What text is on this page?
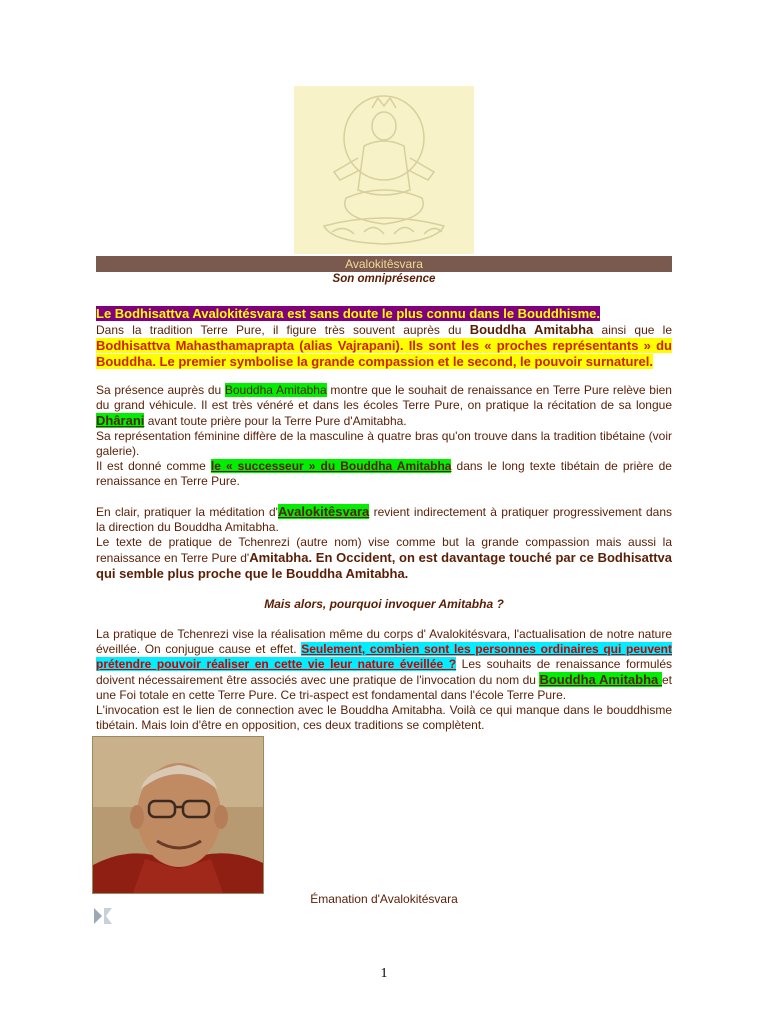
Avalokitêsvara
Son omniprésence

Le Bodhisattva Avalokitésvara est sans doute le plus connu dans le Bouddhisme.
Dans la tradition Terre Pure, il figure très souvent auprès du Bouddha Amitabha ainsi que le Bodhisattva Mahasthamaprapta (alias Vajrapani). Ils sont les « proches représentants » du Bouddha. Le premier symbolise la grande compassion et le second, le pouvoir surnaturel.

Sa présence auprès du Bouddha Amitabha montre que le souhait de renaissance en Terre Pure relève bien du grand véhicule. Il est très vénéré et dans les écoles Terre Pure, on pratique la récitation de sa longue Dhârani avant toute prière pour la Terre Pure d'Amitabha.

Sa représentation féminine diffère de la masculine à quatre bras qu'on trouve dans la tradition tibétaine (voir galerie).

Il est donné comme le « successeur » du Bouddha Amitabha dans le long texte tibétain de prière de renaissance en Terre Pure.

En clair, pratiquer la méditation d'Avalokitêsvara revient indirectement à pratiquer progressivement dans la direction du Bouddha Amitabha.

Le texte de pratique de Tchenrezi (autre nom) vise comme but la grande compassion mais aussi la renaissance en Terre Pure d'Amitabha. En Occident, on est davantage touché par ce Bodhisattva qui semble plus proche que le Bouddha Amitabha.

Mais alors, pourquoi invoquer Amitabha ?

La pratique de Tchenrezi vise la réalisation même du corps d' Avalokitésvara, l'actualisation de notre nature éveillée. On conjugue cause et effet. Seulement, combien sont les personnes ordinaires qui peuvent prétendre pouvoir réaliser en cette vie leur nature éveillée ? Les souhaits de renaissance formulés doivent nécessairement être associés avec une pratique de l'invocation du nom du Bouddha Amitabha et une Foi totale en cette Terre Pure. Ce tri-aspect est fondamental dans l'école Terre Pure.

L'invocation est le lien de connection avec le Bouddha Amitabha. Voilà ce qui manque dans le bouddhisme tibétain. Mais loin d'être en opposition, ces deux traditions se complètent.

Émanation d'Avalokitésvara
1
